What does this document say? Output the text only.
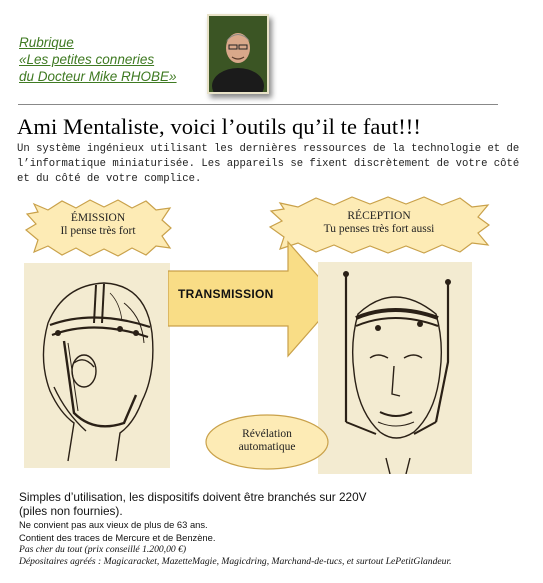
Rubrique
«Les petites conneries
du Docteur Mike RHOBE»
Ami Mentaliste, voici l’outils qu’il te faut!!!
Un système ingénieux utilisant les dernières ressources de la technologie et de l’informatique miniaturisée. Les appareils se fixent discrètement de votre côté et du côté de votre complice.
ÉMISSION
Il pense très fort
RÉCEPTION
Tu penses très fort aussi
TRANSMISSION
Révélation
automatique
Simples d’utilisation, les dispositifs doivent être branchés sur 220V
(piles non fournies).
Ne convient pas aux vieux de plus de 63 ans.
Contient des traces de Mercure et de Benzène.
Pas cher du tout (prix conseillé 1.200,00 €)
Dépositaires agréés : Magicaracket, MazetteMagie, Magicdring, Marchand-de-tucs, et surtout LePetitGlandeur.
